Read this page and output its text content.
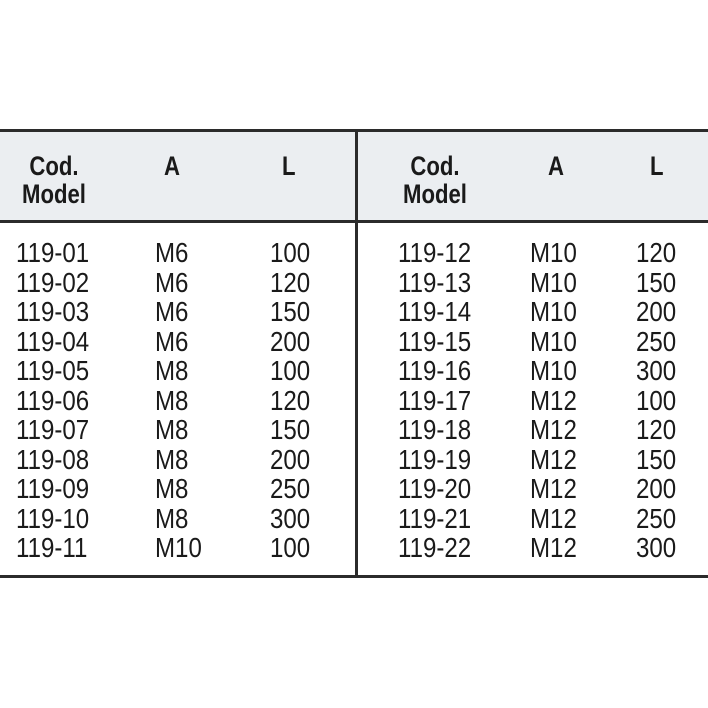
Cod.
Model
A	L
119-01 M6	100
119-02 M6	120
119-03 M6	150
119-04 M6	200
119-05 M8	100
119-06 M8	120
119-07 M8	150
119-08 M8	200
119-09 M8	250
119-10 M8	300
119-11 M10 100
Cod.
Model
A	L
119-12 M10 120
119-13 M10 150
119-14 M10 200
119-15 M10 250
119-16 M10 300
119-17 M12 100
119-18 M12 120
119-19 M12 150
119-20 M12 200
119-21 M12 250
119-22 M12 300
